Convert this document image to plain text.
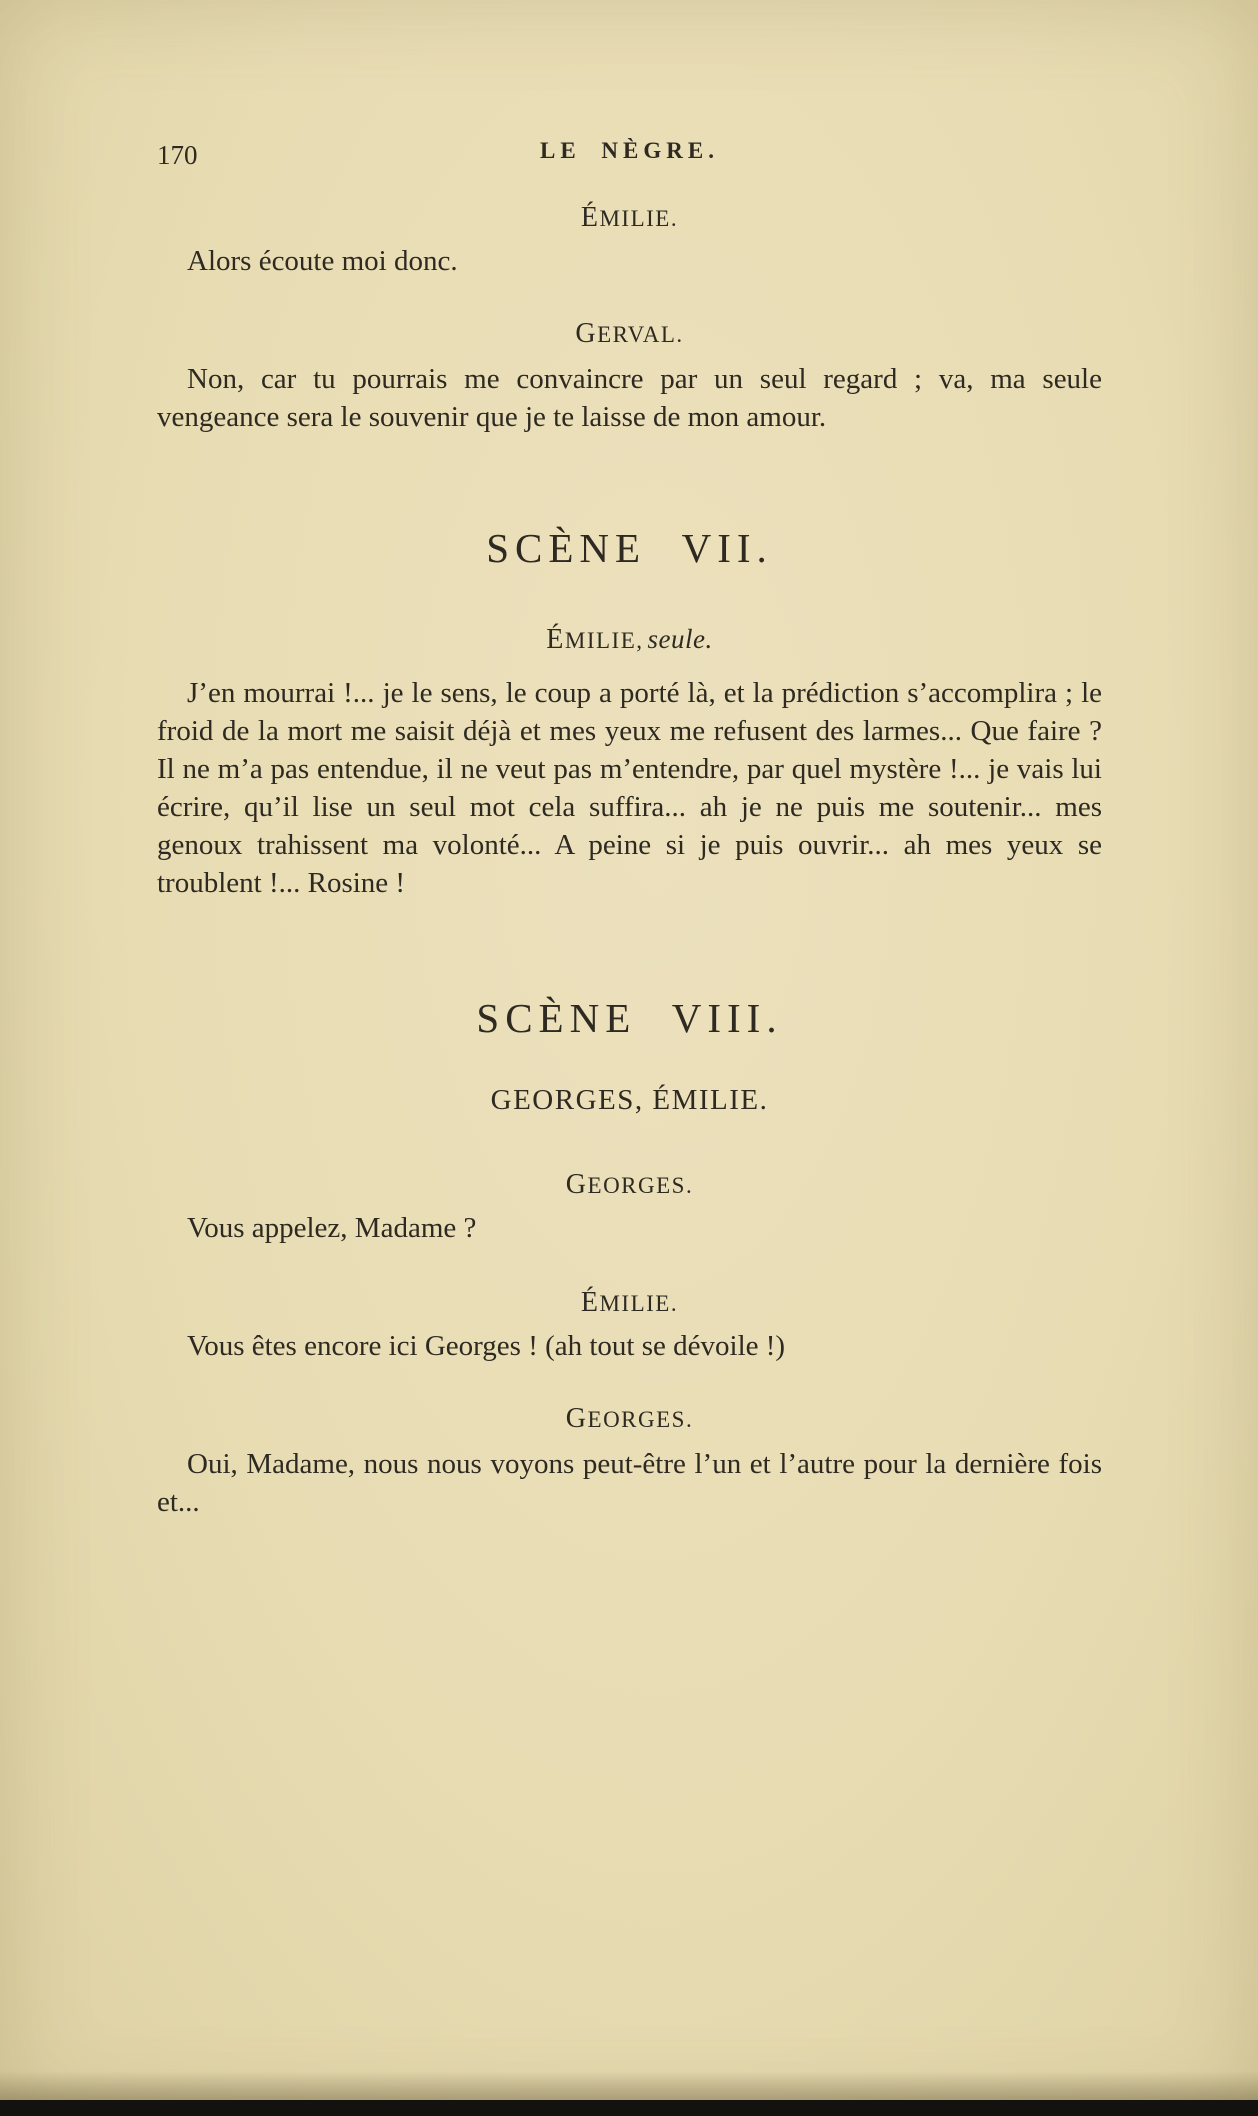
170	LE NÈGRE.
ÉMILIE.

Alors écoute moi donc.

GERVAL.

Non, car tu pourrais me convaincre par un seul regard ; va, ma seule vengeance sera le souvenir que je te laisse de mon amour.

SCÈNE VII.
ÉMILIE, seule.

J’en mourrai !... je le sens, le coup a porté là, et la prédiction s’accomplira ; le froid de la mort me saisit déjà et mes yeux me refusent des larmes... Que faire ? Il ne m’a pas entendue, il ne veut pas m’entendre, par quel mystère !... je vais lui écrire, qu’il lise un seul mot cela suffira... ah je ne puis me soutenir... mes genoux trahissent ma volonté... A peine si je puis ouvrir... ah mes yeux se troublent !... Rosine !

SCÈNE VIII.
GEORGES, ÉMILIE.
GEORGES.

Vous appelez, Madame ?

ÉMILIE.

Vous êtes encore ici Georges ! (ah tout se dévoile !)

GEORGES.

Oui, Madame, nous nous voyons peut-être l’un et l’autre pour la dernière fois et...
